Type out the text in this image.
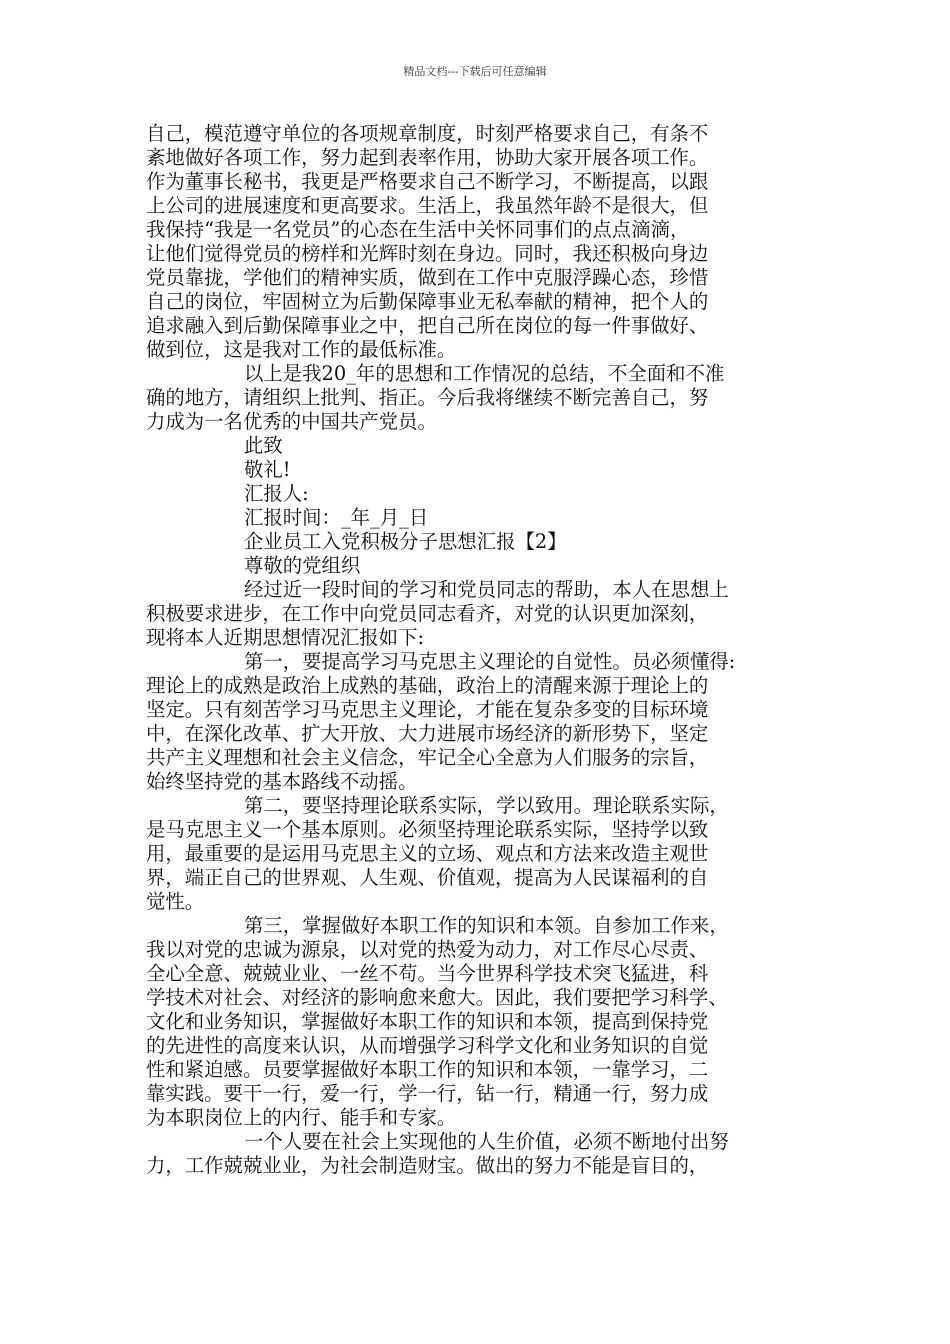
精品文档---下载后可任意编辑
自己，模范遵守单位的各项规章制度，时刻严格要求自己，有条不
紊地做好各项工作，努力起到表率作用，协助大家开展各项工作。
作为董事长秘书，我更是严格要求自己不断学习，不断提高，以跟
上公司的进展速度和更高要求。生活上，我虽然年龄不是很大，但
我保持“我是一名党员”的心态在生活中关怀同事们的点点滴滴，
让他们觉得党员的榜样和光辉时刻在身边。同时，我还积极向身边
党员靠拢，学他们的精神实质，做到在工作中克服浮躁心态，珍惜
自己的岗位，牢固树立为后勤保障事业无私奉献的精神，把个人的
追求融入到后勤保障事业之中，把自己所在岗位的每一件事做好、
做到位，这是我对工作的最低标准。
以上是我20_年的思想和工作情况的总结，不全面和不准
确的地方，请组织上批判、指正。今后我将继续不断完善自己，努
力成为一名优秀的中国共产党员。
此致
敬礼!
汇报人:
汇报时间：_年_月_日
企业员工入党积极分子思想汇报【2】
尊敬的党组织
经过近一段时间的学习和党员同志的帮助，本人在思想上
积极要求进步，在工作中向党员同志看齐，对党的认识更加深刻，
现将本人近期思想情况汇报如下:
第一，要提高学习马克思主义理论的自觉性。员必须懂得:
理论上的成熟是政治上成熟的基础，政治上的清醒来源于理论上的
坚定。只有刻苦学习马克思主义理论，才能在复杂多变的目标环境
中，在深化改革、扩大开放、大力进展市场经济的新形势下，坚定
共产主义理想和社会主义信念，牢记全心全意为人们服务的宗旨，
始终坚持党的基本路线不动摇。
第二，要坚持理论联系实际，学以致用。理论联系实际，
是马克思主义一个基本原则。必须坚持理论联系实际，坚持学以致
用，最重要的是运用马克思主义的立场、观点和方法来改造主观世
界，端正自己的世界观、人生观、价值观，提高为人民谋福利的自
觉性。
第三，掌握做好本职工作的知识和本领。自参加工作来，
我以对党的忠诚为源泉，以对党的热爱为动力，对工作尽心尽责、
全心全意、兢兢业业、一丝不苟。当今世界科学技术突飞猛进，科
学技术对社会、对经济的影响愈来愈大。因此，我们要把学习科学、
文化和业务知识，掌握做好本职工作的知识和本领，提高到保持党
的先进性的高度来认识，从而增强学习科学文化和业务知识的自觉
性和紧迫感。员要掌握做好本职工作的知识和本领，一靠学习，二
靠实践。要干一行，爱一行，学一行，钻一行，精通一行，努力成
为本职岗位上的内行、能手和专家。
一个人要在社会上实现他的人生价值，必须不断地付出努
力，工作兢兢业业，为社会制造财宝。做出的努力不能是盲目的，
